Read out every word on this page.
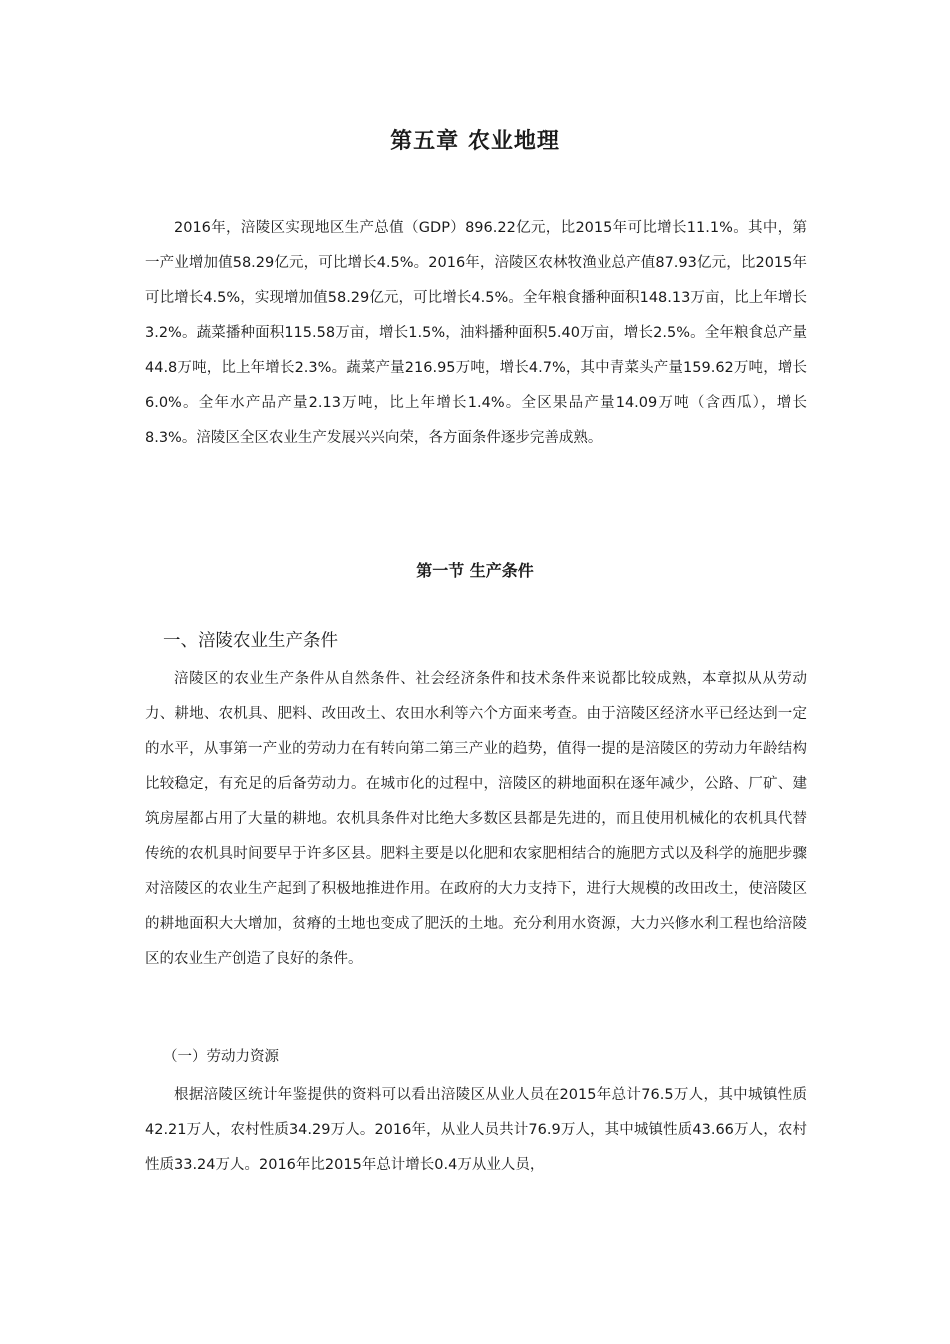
第五章 农业地理

2016年，涪陵区实现地区生产总值（GDP）896.22亿元，比2015年可比增长11.1%。其中，第一产业增加值58.29亿元，可比增长4.5%。2016年，涪陵区农林牧渔业总产值87.93亿元，比2015年可比增长4.5%，实现增加值58.29亿元，可比增长4.5%。全年粮食播种面积148.13万亩，比上年增长3.2%。蔬菜播种面积115.58万亩，增长1.5%，油料播种面积5.40万亩，增长2.5%。全年粮食总产量44.8万吨，比上年增长2.3%。蔬菜产量216.95万吨，增长4.7%，其中青菜头产量159.62万吨，增长6.0%。全年水产品产量2.13万吨，比上年增长1.4%。全区果品产量14.09万吨（含西瓜），增长8.3%。涪陵区全区农业生产发展兴兴向荣，各方面条件逐步完善成熟。

第一节 生产条件
一、涪陵农业生产条件

涪陵区的农业生产条件从自然条件、社会经济条件和技术条件来说都比较成熟，本章拟从从劳动力、耕地、农机具、肥料、改田改土、农田水利等六个方面来考查。由于涪陵区经济水平已经达到一定的水平，从事第一产业的劳动力在有转向第二第三产业的趋势，值得一提的是涪陵区的劳动力年龄结构比较稳定，有充足的后备劳动力。在城市化的过程中，涪陵区的耕地面积在逐年减少，公路、厂矿、建筑房屋都占用了大量的耕地。农机具条件对比绝大多数区县都是先进的，而且使用机械化的农机具代替传统的农机具时间要早于许多区县。肥料主要是以化肥和农家肥相结合的施肥方式以及科学的施肥步骤对涪陵区的农业生产起到了积极地推进作用。在政府的大力支持下，进行大规模的改田改土，使涪陵区的耕地面积大大增加，贫瘠的土地也变成了肥沃的土地。充分利用水资源，大力兴修水利工程也给涪陵区的农业生产创造了良好的条件。

（一）劳动力资源

根据涪陵区统计年鉴提供的资料可以看出涪陵区从业人员在2015年总计76.5万人，其中城镇性质42.21万人，农村性质34.29万人。2016年，从业人员共计76.9万人，其中城镇性质43.66万人，农村性质33.24万人。2016年比2015年总计增长0.4万从业人员，
